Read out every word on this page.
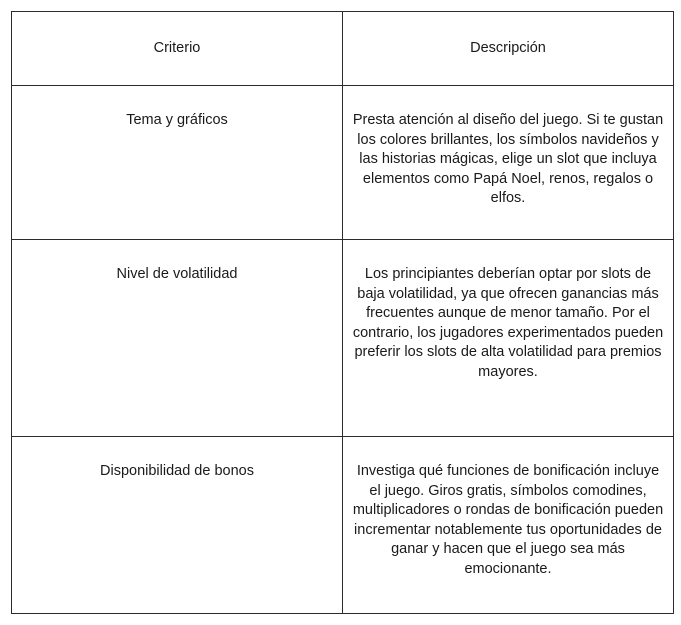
Criterio	Descripción

Tema y gráficos	Presta atención al diseño del juego. Si te gustan los colores brillantes, los símbolos navideños y las historias mágicas, elige un slot que incluya elementos como Papá Noel, renos, regalos o elfos.

Nivel de volatilidad	Los principiantes deberían optar por slots de baja volatilidad, ya que ofrecen ganancias más frecuentes aunque de menor tamaño. Por el contrario, los jugadores experimentados pueden preferir los slots de alta volatilidad para premios mayores.

Disponibilidad de bonos	Investiga qué funciones de bonificación incluye el juego. Giros gratis, símbolos comodines, multiplicadores o rondas de bonificación pueden incrementar notablemente tus oportunidades de ganar y hacen que el juego sea más emocionante.
